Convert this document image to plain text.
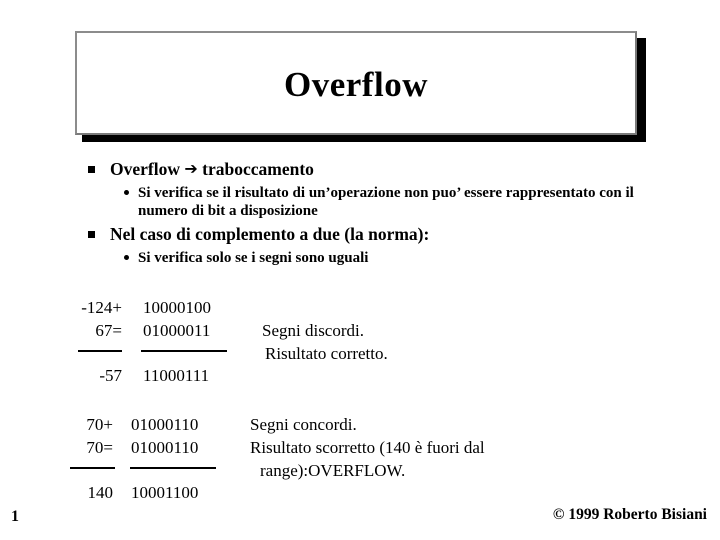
Overflow
Overflow ➔ traboccamento
Si verifica se il risultato di un’operazione non puo’ essere rappresentato con il numero di bit a disposizione
Nel caso di complemento a due (la norma):
Si verifica solo se i segni sono uguali
-124+ 10000100
67= 01000011	Segni discordi.
Risultato corretto.
-57 11000111
70+ 01000110	Segni concordi.
70= 01000110	Risultato scorretto (140 è fuori dal
range):OVERFLOW.
140 10001100
1	© 1999 Roberto Bisiani
